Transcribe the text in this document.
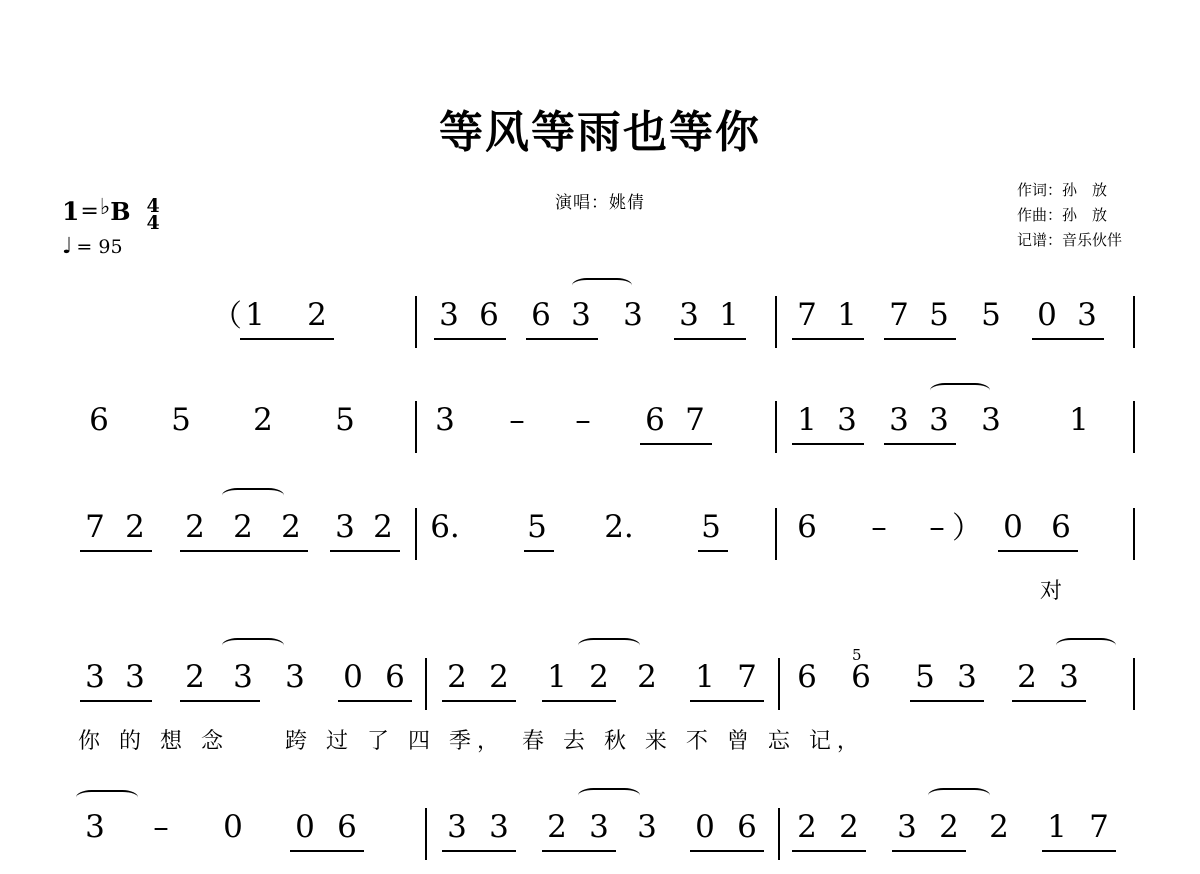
等风等雨也等你
演唱：姚倩
作词：孙　放
作曲：孙　放
记谱：音乐伙伴
1 = ♭ B 4
4
♩ = 95
（ 1 2	3 6 6 3 3 3 1 7 1 7 5 5 0 3
6 5 2 5	3 – – 6 7	1 3 3 3 3 1
7 2 2 2 2 3 2 6. 5 2. 5 6 – – ） 0 6
对
3 3 2 3 3 0 6 2 2 1 2 2 1 7 6
5
6 5 3 2 3
你 的 想 念　　跨 过 了 四 季，　春 去 秋 来 不 曾 忘 记，
3 – 0 0 6	3 3 2 3 3 0 6 2 2 3 2 2 1 7
